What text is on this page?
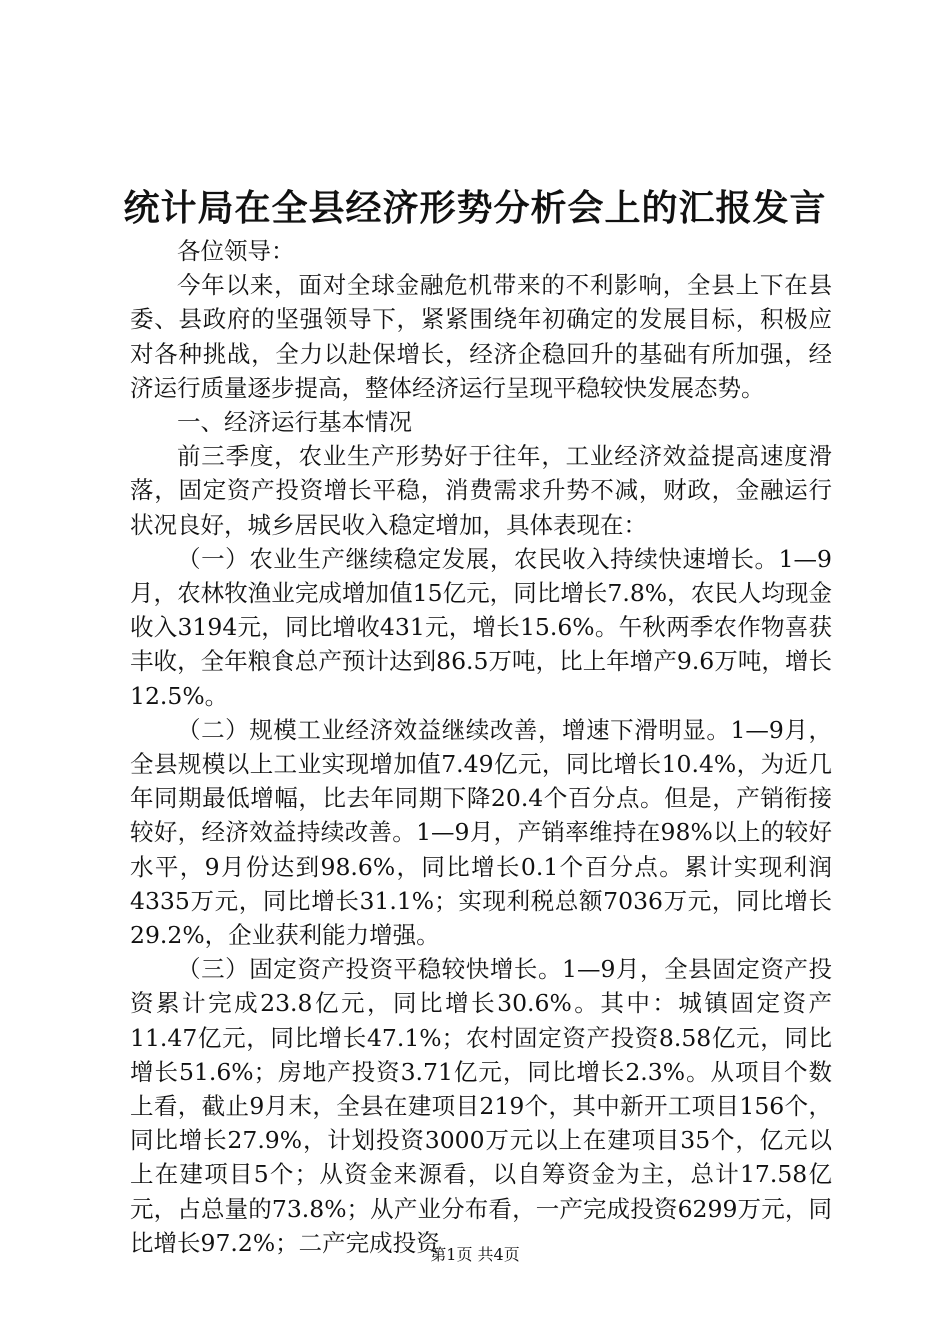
统计局在全县经济形势分析会上的汇报发言

各位领导：

今年以来，面对全球金融危机带来的不利影响，全县上下在县委、县政府的坚强领导下，紧紧围绕年初确定的发展目标，积极应对各种挑战，全力以赴保增长，经济企稳回升的基础有所加强，经济运行质量逐步提高，整体经济运行呈现平稳较快发展态势。

一、经济运行基本情况

前三季度，农业生产形势好于往年，工业经济效益提高速度滑落，固定资产投资增长平稳，消费需求升势不减，财政，金融运行状况良好，城乡居民收入稳定增加，具体表现在：

（一）农业生产继续稳定发展，农民收入持续快速增长。1—9月，农林牧渔业完成增加值15亿元，同比增长7.8%，农民人均现金收入3194元，同比增收431元，增长15.6%。午秋两季农作物喜获丰收，全年粮食总产预计达到86.5万吨，比上年增产9.6万吨，增长12.5%。

（二）规模工业经济效益继续改善，增速下滑明显。1—9月，全县规模以上工业实现增加值7.49亿元，同比增长10.4%，为近几年同期最低增幅，比去年同期下降20.4个百分点。但是，产销衔接较好，经济效益持续改善。1—9月，产销率维持在98%以上的较好水平，9月份达到98.6%，同比增长0.1个百分点。累计实现利润4335万元，同比增长31.1%；实现利税总额7036万元，同比增长29.2%，企业获利能力增强。

（三）固定资产投资平稳较快增长。1—9月，全县固定资产投资累计完成23.8亿元，同比增长30.6%。其中：城镇固定资产11.47亿元，同比增长47.1%；农村固定资产投资8.58亿元，同比增长51.6%；房地产投资3.71亿元，同比增长2.3%。从项目个数上看，截止9月末，全县在建项目219个，其中新开工项目156个，同比增长27.9%，计划投资3000万元以上在建项目35个，亿元以上在建项目5个；从资金来源看，以自筹资金为主，总计17.58亿元，占总量的73.8%；从产业分布看，一产完成投资6299万元，同比增长97.2%；二产完成投资

第1页 共4页
